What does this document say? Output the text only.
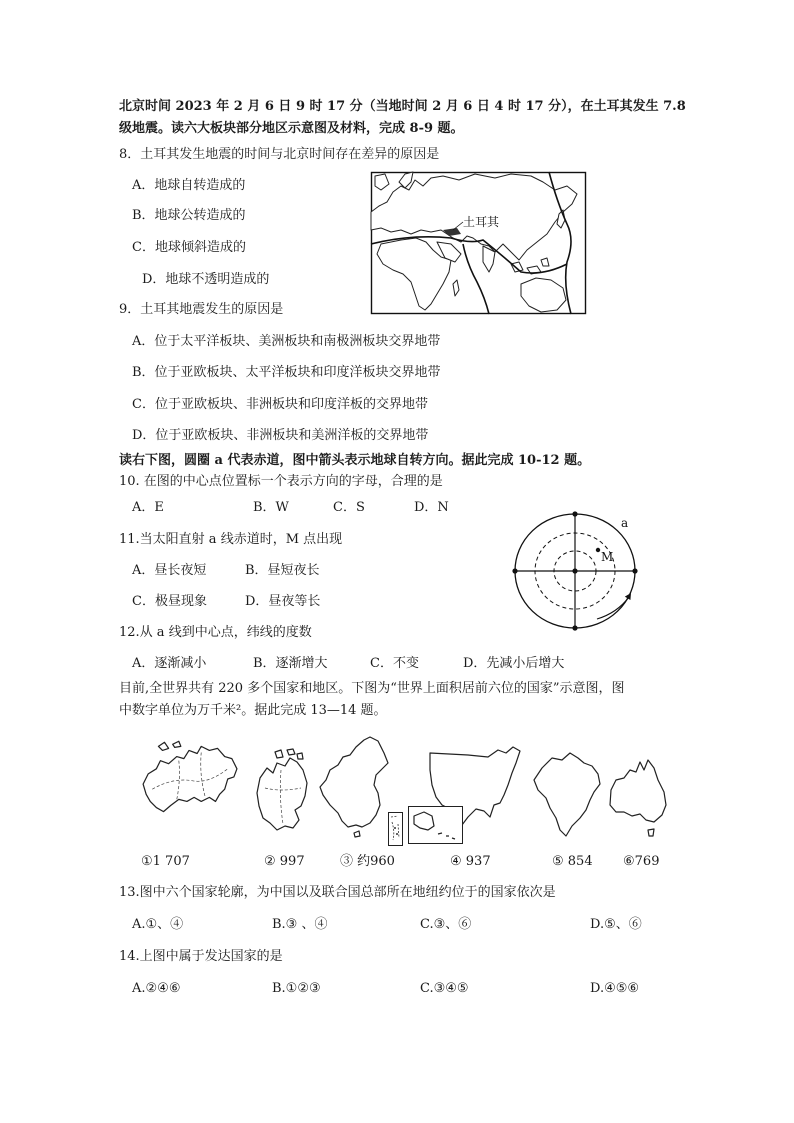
北京时间 2023 年 2 月 6 日 9 时 17 分（当地时间 2 月 6 日 4 时 17 分），在土耳其发生 7.8
级地震。读六大板块部分地区示意图及材料，完成 8-9 题。
8．土耳其发生地震的时间与北京时间存在差异的原因是
A．地球自转造成的
B．地球公转造成的
C．地球倾斜造成的
D．地球不透明造成的
土耳其
9．土耳其地震发生的原因是
A．位于太平洋板块、美洲板块和南极洲板块交界地带
B．位于亚欧板块、太平洋板块和印度洋板块交界地带
C．位于亚欧板块、非洲板块和印度洋板的交界地带
D．位于亚欧板块、非洲板块和美洲洋板的交界地带
读右下图，圆圈 a 代表赤道，图中箭头表示地球自转方向。据此完成 10-12 题。
10. 在图的中心点位置标一个表示方向的字母，合理的是
A．E	B．W	C．S	D．N
11.当太阳直射 a 线赤道时，M 点出现
A．昼长夜短	B．昼短夜长
C．极昼现象	D．昼夜等长
a
M
12.从 a 线到中心点，纬线的度数
A．逐渐减小	B．逐渐增大	C．不变	D．先减小后增大
目前,全世界共有 220 多个国家和地区。下图为“世界上面积居前六位的国家”示意图，图
中数字单位为万千米²。据此完成 13—14 题。
①1 707	② 997	③ 约960	④ 937	⑤ 854 ⑥769
13.图中六个国家轮廓，为中国以及联合国总部所在地纽约位于的国家依次是
A.①、④	B.③ 、④	C.③、⑥	D.⑤、⑥
14.上图中属于发达国家的是
A.②④⑥	B.①②③	C.③④⑤	D.④⑤⑥
